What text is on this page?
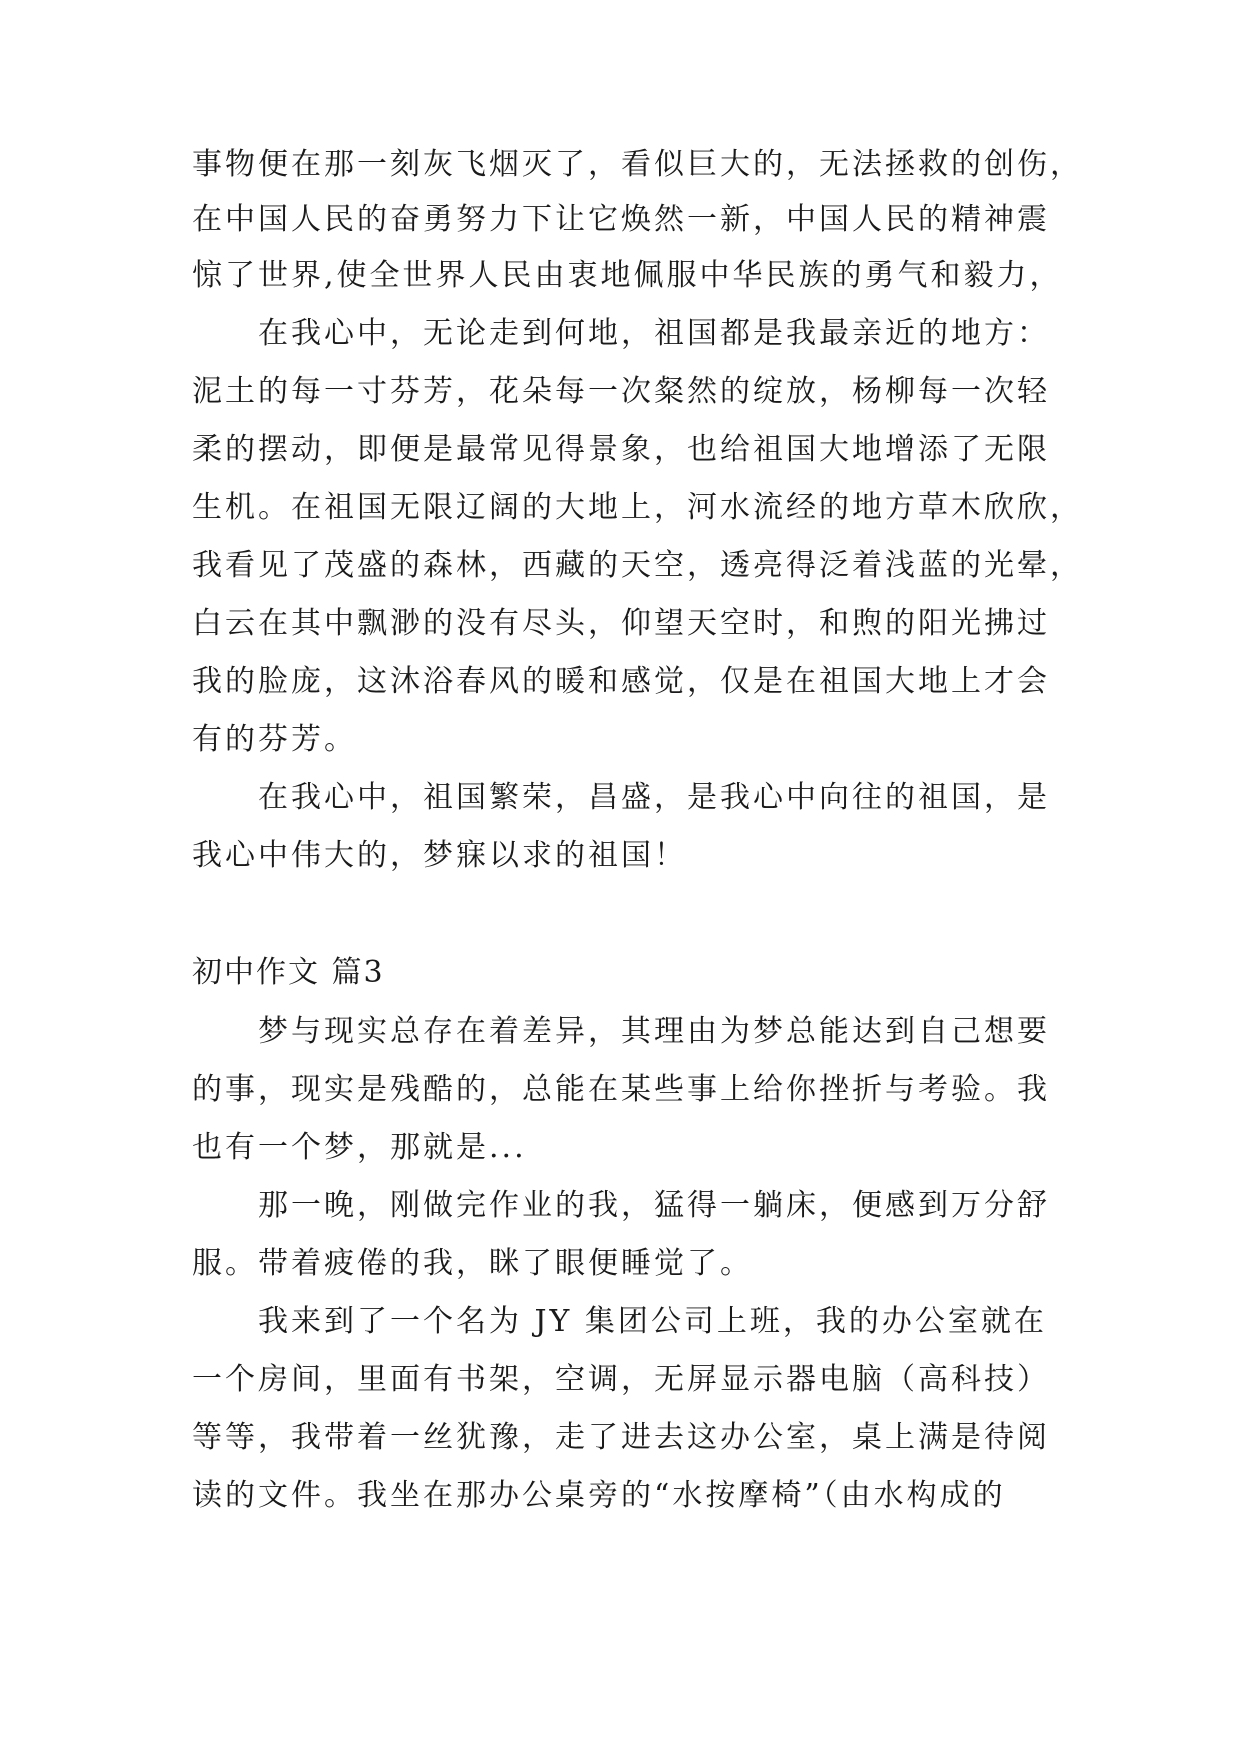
事物便在那一刻灰飞烟灭了，看似巨大的，无法拯救的创伤，
在中国人民的奋勇努力下让它焕然一新，中国人民的精神震
惊了世界,使全世界人民由衷地佩服中华民族的勇气和毅力，
在我心中，无论走到何地，祖国都是我最亲近的地方：
泥土的每一寸芬芳，花朵每一次粲然的绽放，杨柳每一次轻
柔的摆动，即便是最常见得景象，也给祖国大地增添了无限
生机。在祖国无限辽阔的大地上，河水流经的地方草木欣欣，
我看见了茂盛的森林，西藏的天空，透亮得泛着浅蓝的光晕，
白云在其中飘渺的没有尽头，仰望天空时，和煦的阳光拂过
我的脸庞，这沐浴春风的暖和感觉，仅是在祖国大地上才会
有的芬芳。
在我心中，祖国繁荣，昌盛，是我心中向往的祖国，是
我心中伟大的，梦寐以求的祖国！
初中作文 篇3
梦与现实总存在着差异，其理由为梦总能达到自己想要
的事，现实是残酷的，总能在某些事上给你挫折与考验。我
也有一个梦，那就是...
那一晚，刚做完作业的我，猛得一躺床，便感到万分舒
服。带着疲倦的我，眯了眼便睡觉了。
我来到了一个名为 JY 集团公司上班，我的办公室就在
一个房间，里面有书架，空调，无屏显示器电脑（高科技）
等等，我带着一丝犹豫，走了进去这办公室，桌上满是待阅
读的文件。我坐在那办公桌旁的“水按摩椅”（由水构成的
